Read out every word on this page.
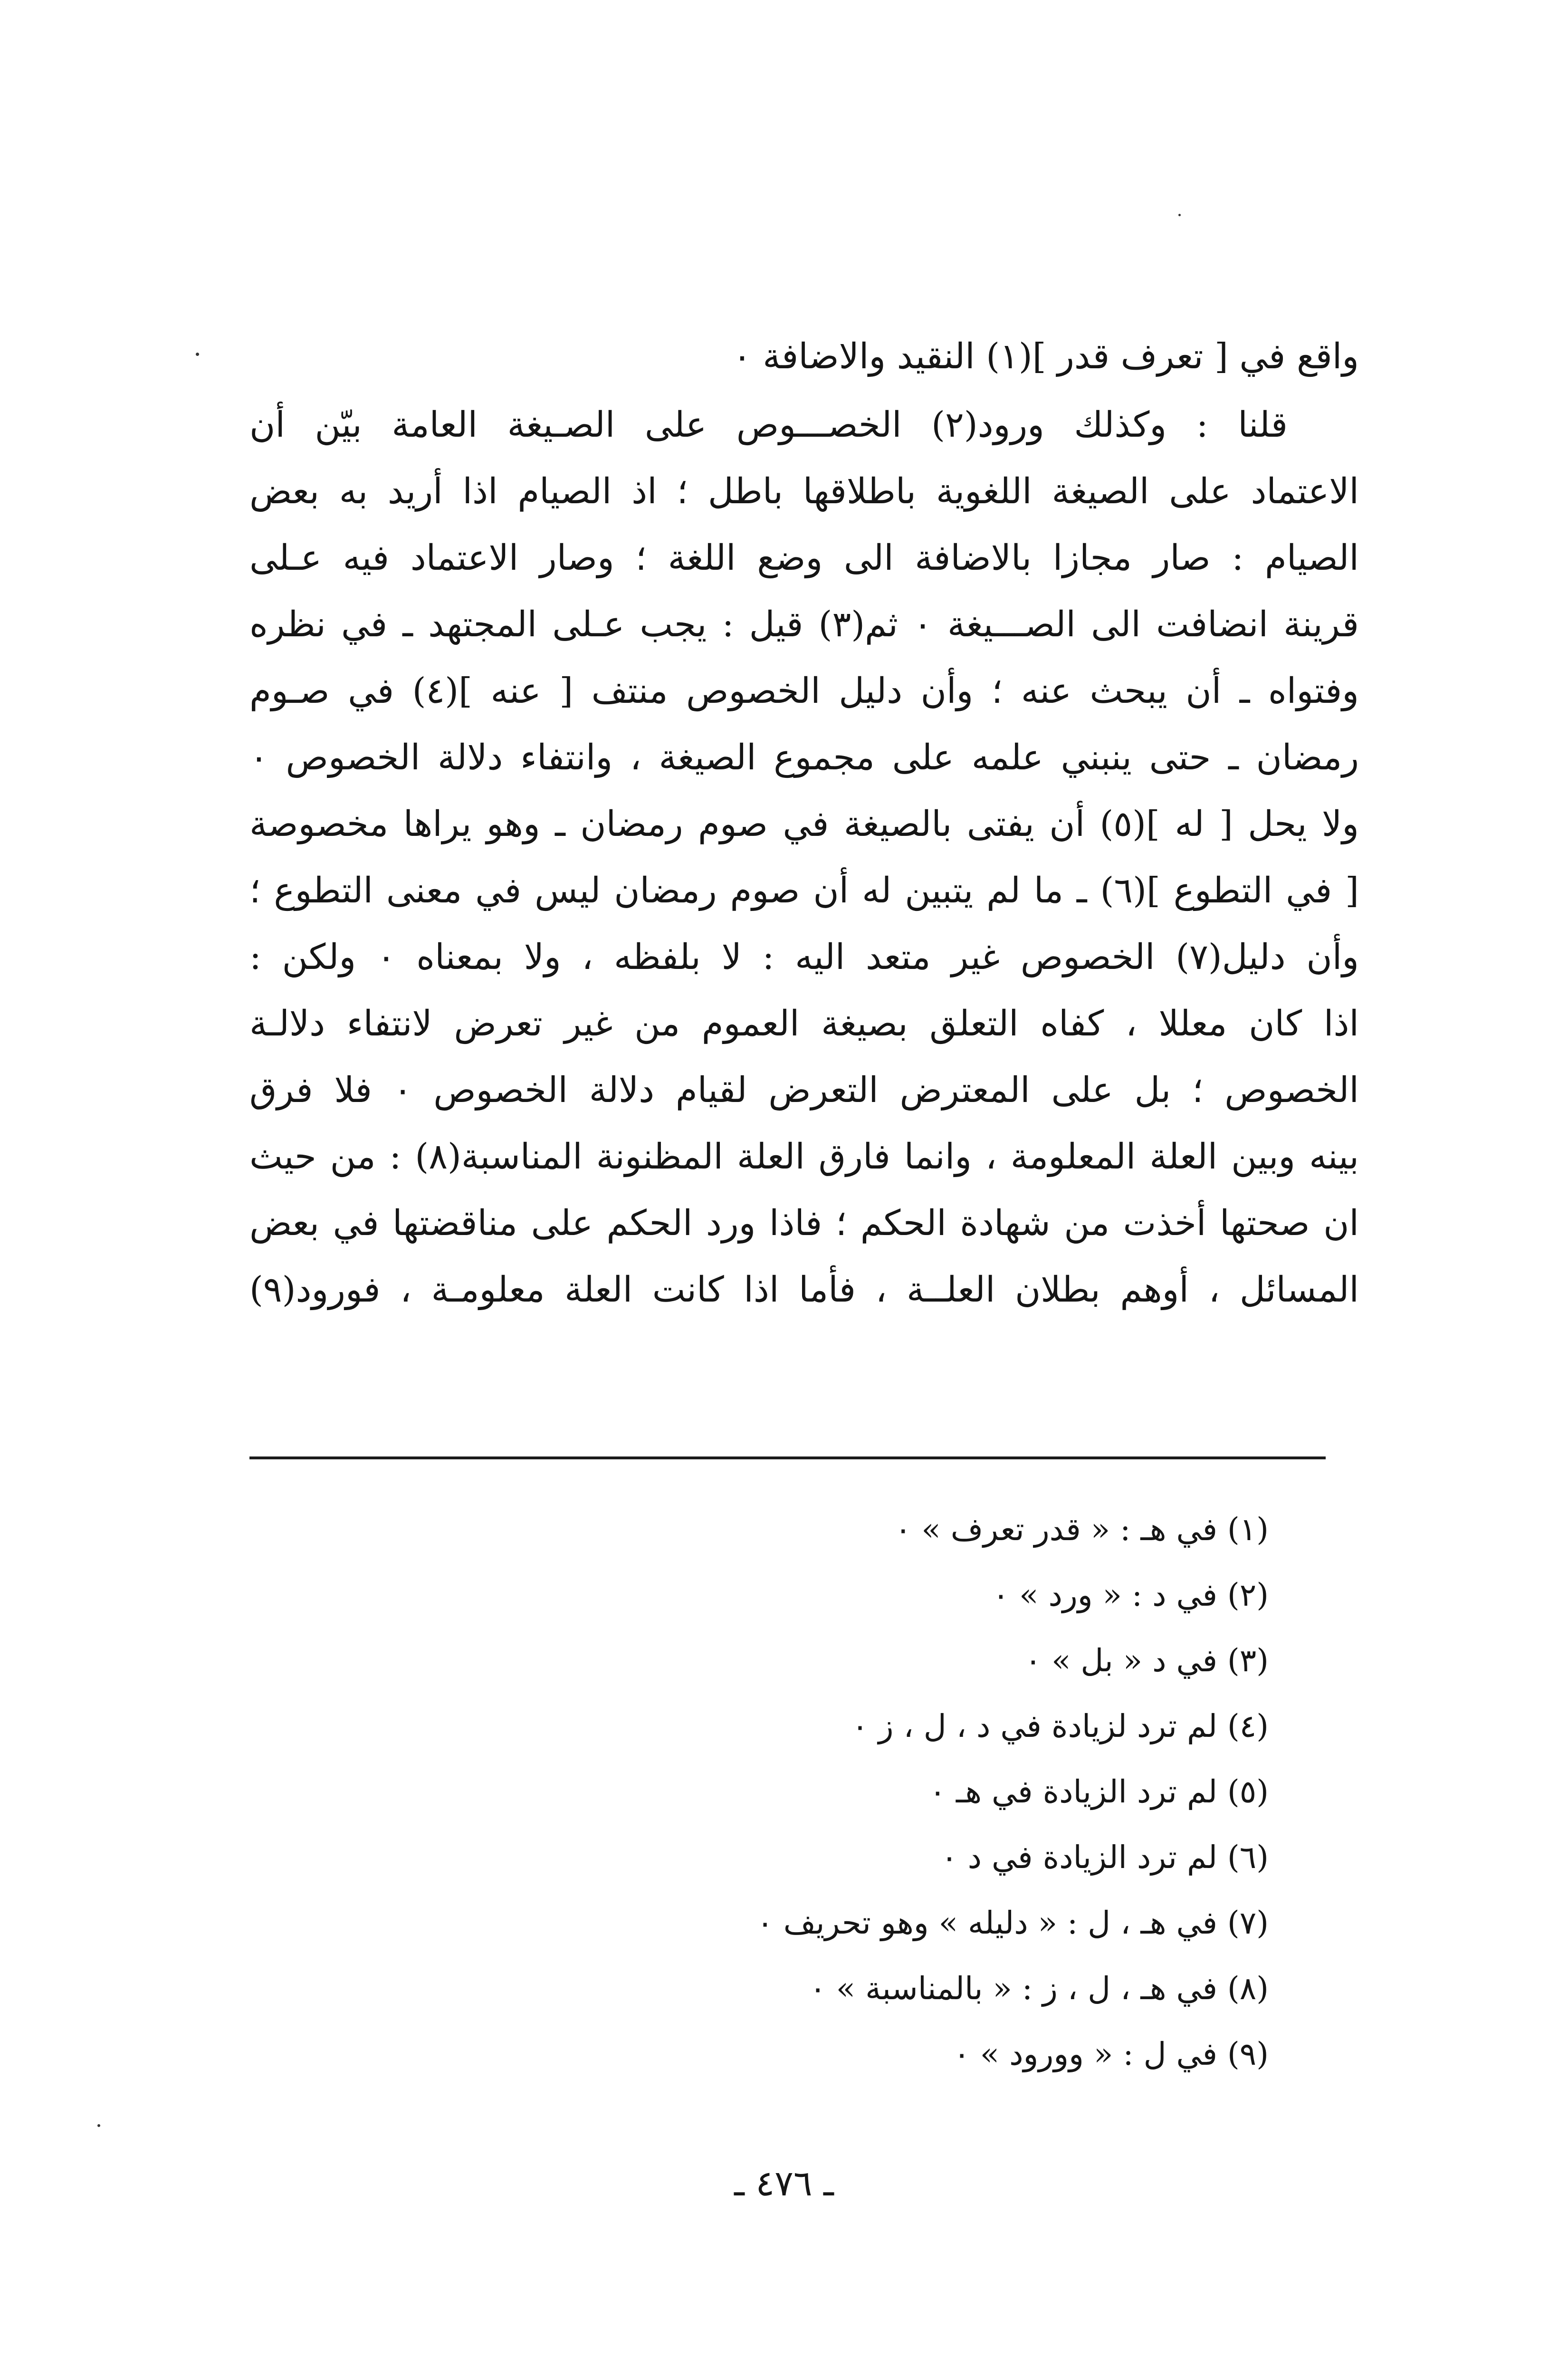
واقع في [ تعرف قدر ](١) النقيد والاضافة ٠
قلنا : وكذلك ورود(٢) الخصـــوص على الصـيغة العامة بيّن أن
الاعتماد على الصيغة اللغوية باطلاقها باطل ؛ اذ الصيام اذا أريد به بعض
الصيام : صار مجازا بالاضافة الى وضع اللغة ؛ وصار الاعتماد فيه عـلى
قرينة انضافت الى الصـــيغة ٠ ثم(٣) قيل : يجب عـلى المجتهد ـ في نظره
وفتواه ـ أن يبحث عنه ؛ وأن دليل الخصوص منتف [ عنه ](٤) في صـوم
رمضان ـ حتى ينبني علمه على مجموع الصيغة ، وانتفاء دلالة الخصوص ٠
ولا يحل [ له ](٥) أن يفتى بالصيغة في صوم رمضان ـ وهو يراها مخصوصة
[ في التطوع ](٦) ـ ما لم يتبين له أن صوم رمضان ليس في معنى التطوع ؛
وأن دليل(٧) الخصوص غير متعد اليه : لا بلفظه ، ولا بمعناه ٠ ولكن :
اذا كان معللا ، كفاه التعلق بصيغة العموم من غير تعرض لانتفاء دلالـة
الخصوص ؛ بل على المعترض التعرض لقيام دلالة الخصوص ٠ فلا فرق
بينه وبين العلة المعلومة ، وانما فارق العلة المظنونة المناسبة(٨) : من حيث
ان صحتها أخذت من شهادة الحكم ؛ فاذا ورد الحكم على مناقضتها في بعض
المسائل ، أوهم بطلان العلــة ، فأما اذا كانت العلة معلومـة ، فورود(٩)
(١) في هـ : « قدر تعرف » ٠
(٢) في د : « ورد » ٠
(٣) في د « بل » ٠
(٤) لم ترد لزيادة في د ، ل ، ز ٠
(٥) لم ترد الزيادة في هـ ٠
(٦) لم ترد الزيادة في د ٠
(٧) في هـ ، ل : « دليله » وهو تحريف ٠
(٨) في هـ ، ل ، ز : « بالمناسبة » ٠
(٩) في ل : « وورود » ٠
ـ ٤٧٦ ـ
